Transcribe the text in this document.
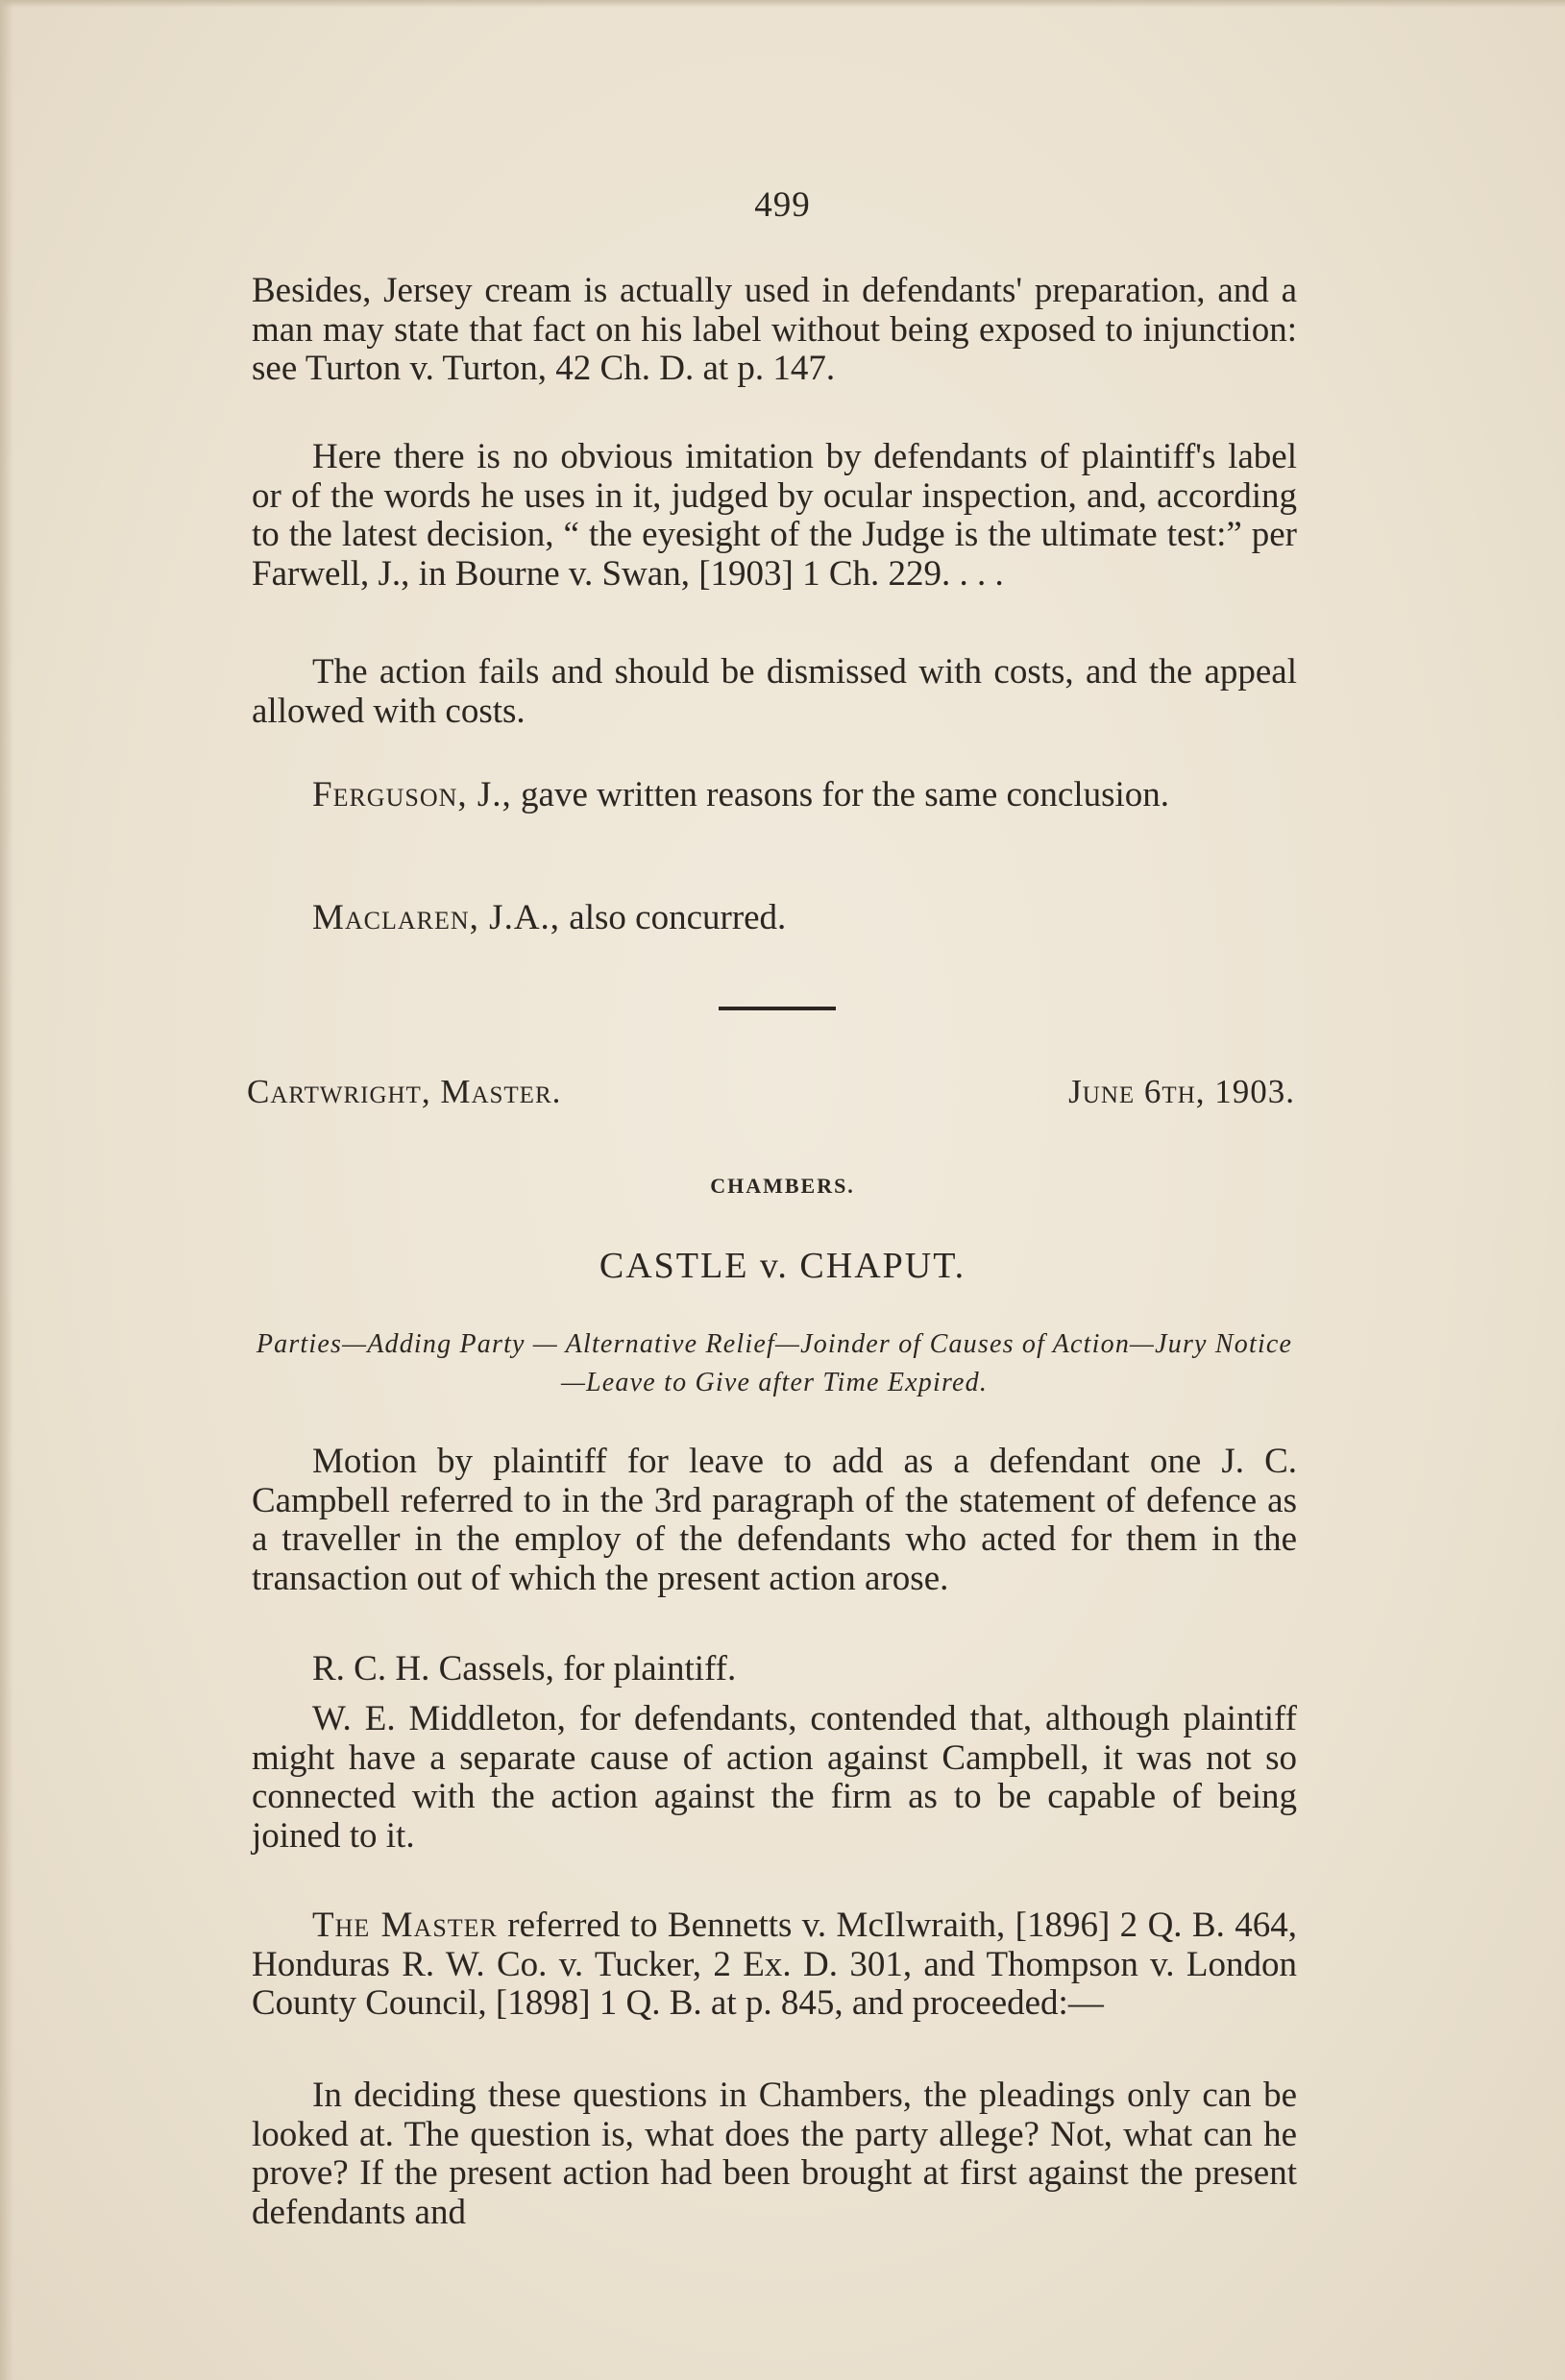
499

Besides, Jersey cream is actually used in defendants' preparation, and a man may state that fact on his label without being exposed to injunction: see Turton v. Turton, 42 Ch. D. at p. 147.

Here there is no obvious imitation by defendants of plaintiff's label or of the words he uses in it, judged by ocular inspection, and, according to the latest decision, “ the eyesight of the Judge is the ultimate test:” per Farwell, J., in Bourne v. Swan, [1903] 1 Ch. 229. . . .

The action fails and should be dismissed with costs, and the appeal allowed with costs.

Ferguson, J., gave written reasons for the same conclusion.

Maclaren, J.A., also concurred.

Cartwright, Master.	June 6th, 1903.
CHAMBERS.
CASTLE v. CHAPUT.
Parties—Adding Party — Alternative Relief—Joinder of Causes of Action—Jury Notice—Leave to Give after Time Expired.

Motion by plaintiff for leave to add as a defendant one J. C. Campbell referred to in the 3rd paragraph of the statement of defence as a traveller in the employ of the defendants who acted for them in the transaction out of which the present action arose.

R. C. H. Cassels, for plaintiff.

W. E. Middleton, for defendants, contended that, although plaintiff might have a separate cause of action against Campbell, it was not so connected with the action against the firm as to be capable of being joined to it.

The Master referred to Bennetts v. McIlwraith, [1896] 2 Q. B. 464, Honduras R. W. Co. v. Tucker, 2 Ex. D. 301, and Thompson v. London County Council, [1898] 1 Q. B. at p. 845, and proceeded:—

In deciding these questions in Chambers, the pleadings only can be looked at. The question is, what does the party allege? Not, what can he prove? If the present action had been brought at first against the present defendants and
